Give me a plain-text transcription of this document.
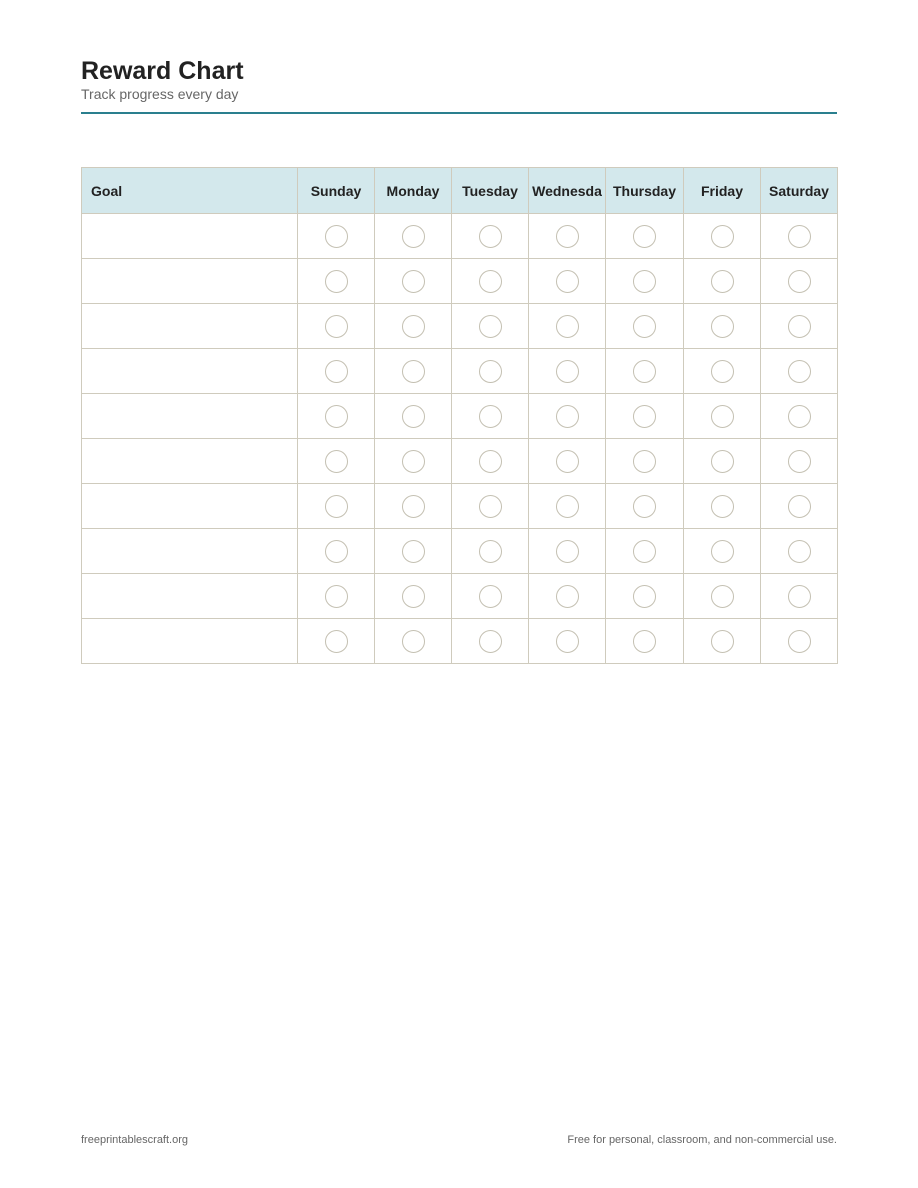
Reward Chart

Track progress every day

Goal	Sunday	Monday	Tuesday	Wednesda	Thursday	Friday	Saturday

freeprintablescraft.org	Free for personal, classroom, and non-commercial use.
